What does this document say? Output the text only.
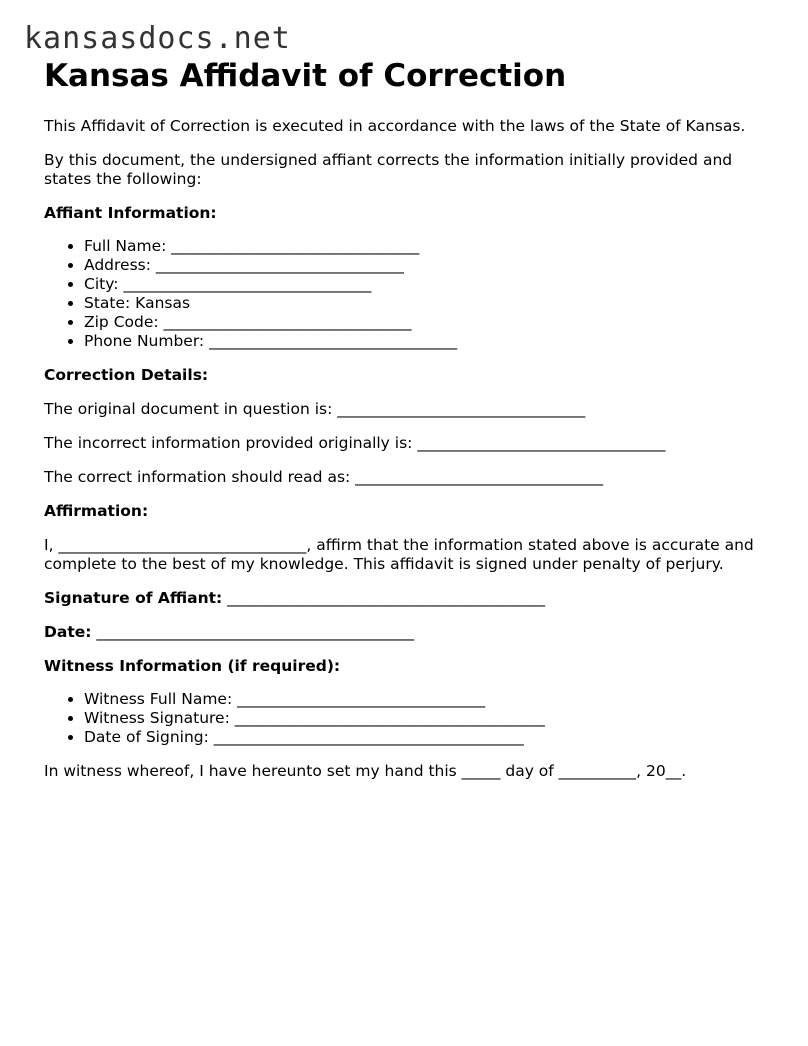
kansasdocs.net
Kansas Affidavit of Correction

This Affidavit of Correction is executed in accordance with the laws of the State of Kansas.

By this document, the undersigned affiant corrects the information initially provided and states the following:

Affiant Information:

• Full Name: ________________________________
• Address: ________________________________
• City: ________________________________
• State: Kansas
• Zip Code: ________________________________
• Phone Number: ________________________________

Correction Details:

The original document in question is: ________________________________

The incorrect information provided originally is: ________________________________

The correct information should read as: ________________________________

Affirmation:

I, ________________________________, affirm that the information stated above is accurate and complete to the best of my knowledge. This affidavit is signed under penalty of perjury.

Signature of Affiant: _________________________________________

Date: _________________________________________

Witness Information (if required):

• Witness Full Name: ________________________________
• Witness Signature: ________________________________________
• Date of Signing: ________________________________________

In witness whereof, I have hereunto set my hand this _____ day of __________, 20__.
